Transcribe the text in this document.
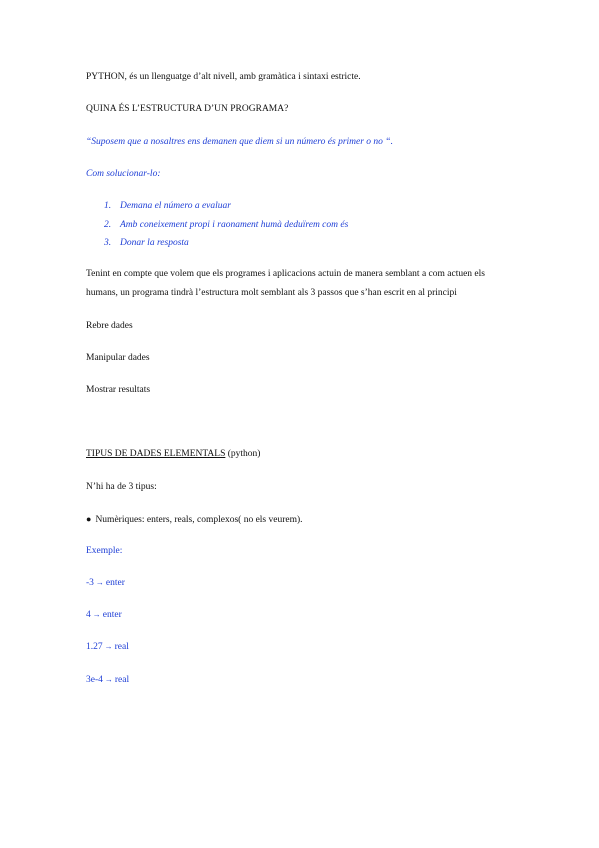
PYTHON, és un llenguatge d’alt nivell, amb gramàtica i sintaxi estricte.
QUINA ÉS L’ESTRUCTURA D’UN PROGRAMA?
“Suposem que a nosaltres ens demanen que diem si un número és primer o no “.
Com solucionar-lo:
1. Demana el número a evaluar
2. Amb coneixement propi i raonament humà deduïrem com és
3. Donar la resposta
Tenint en compte que volem que els programes i aplicacions actuin de manera semblant a com actuen els
humans, un programa tindrà l’estructura molt semblant als 3 passos que s’han escrit en al principi
Rebre dades
Manipular dades
Mostrar resultats
TIPUS DE DADES ELEMENTALS (python)
N’hi ha de 3 tipus:
● Numèriques: enters, reals, complexos( no els veurem).
Exemple:
-3 → enter
4 → enter
1.27 → real
3e-4 → real
